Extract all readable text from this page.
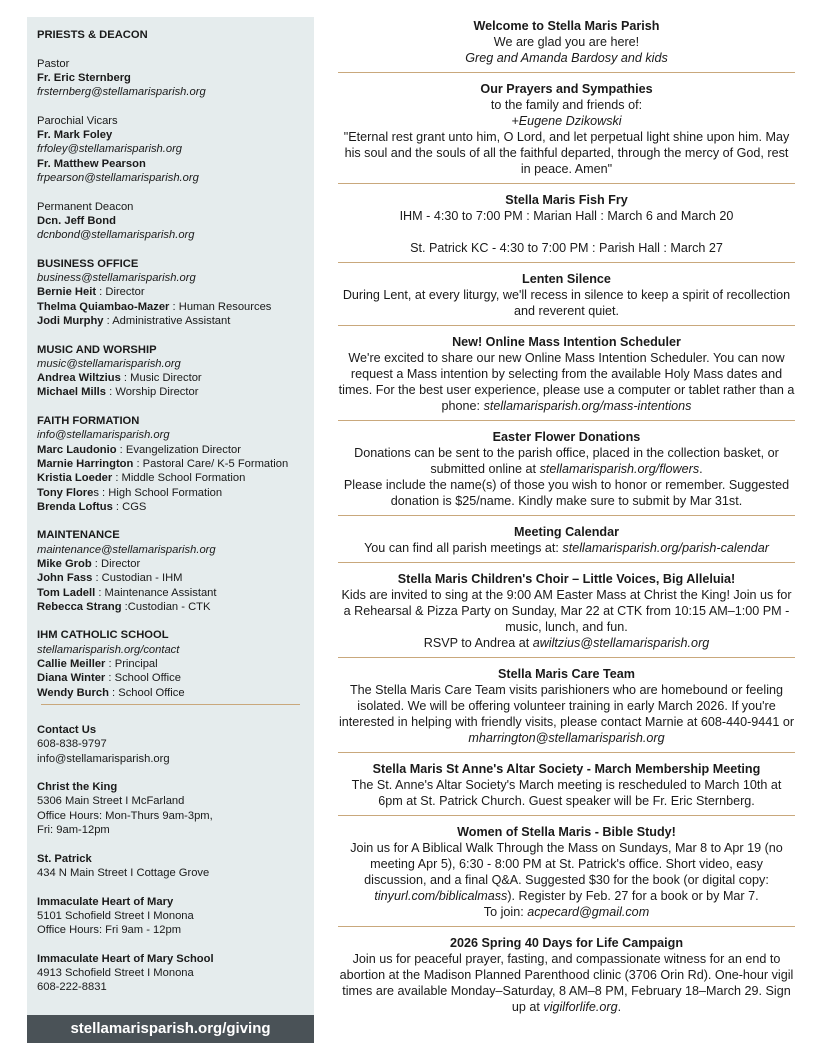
PRIESTS & DEACON
Pastor
Fr. Eric Sternberg
frsternberg@stellamarisparish.org
Parochial Vicars
Fr. Mark Foley
frfoley@stellamarisparish.org
Fr. Matthew Pearson
frpearson@stellamarisparish.org
Permanent Deacon
Dcn. Jeff Bond
dcnbond@stellamarisparish.org
BUSINESS OFFICE
business@stellamarisparish.org
Bernie Heit : Director
Thelma Quiambao-Mazer : Human Resources
Jodi Murphy : Administrative Assistant
MUSIC AND WORSHIP
music@stellamarisparish.org
Andrea Wiltzius : Music Director
Michael Mills : Worship Director
FAITH FORMATION
info@stellamarisparish.org
Marc Laudonio : Evangelization Director
Marnie Harrington : Pastoral Care/ K-5 Formation
Kristia Loeder : Middle School Formation
Tony Flores : High School Formation
Brenda Loftus : CGS
MAINTENANCE
maintenance@stellamarisparish.org
Mike Grob : Director
John Fass : Custodian - IHM
Tom Ladell : Maintenance Assistant
Rebecca Strang :Custodian - CTK
IHM CATHOLIC SCHOOL
stellamarisparish.org/contact
Callie Meiller : Principal
Diana Winter : School Office
Wendy Burch : School Office
Contact Us
608-838-9797
info@stellamarisparish.org
Christ the King
5306 Main Street I McFarland
Office Hours: Mon-Thurs 9am-3pm,
Fri: 9am-12pm
St. Patrick
434 N Main Street I Cottage Grove
Immaculate Heart of Mary
5101 Schofield Street I Monona
Office Hours: Fri 9am - 12pm
Immaculate Heart of Mary School
4913 Schofield Street I Monona
608-222-8831
stellamarisparish.org/giving
Welcome to Stella Maris Parish
We are glad you are here!
Greg and Amanda Bardosy and kids
Our Prayers and Sympathies
to the family and friends of:
+Eugene Dzikowski
"Eternal rest grant unto him, O Lord, and let perpetual light shine upon him. May his soul and the souls of all the faithful departed, through the mercy of God, rest in peace. Amen"
Stella Maris Fish Fry
IHM - 4:30 to 7:00 PM : Marian Hall : March 6 and March 20
St. Patrick KC - 4:30 to 7:00 PM : Parish Hall : March 27
Lenten Silence
During Lent, at every liturgy, we'll recess in silence to keep a spirit of recollection and reverent quiet.
New! Online Mass Intention Scheduler
We're excited to share our new Online Mass Intention Scheduler. You can now request a Mass intention by selecting from the available Holy Mass dates and times. For the best user experience, please use a computer or tablet rather than a phone: stellamarisparish.org/mass-intentions
Easter Flower Donations
Donations can be sent to the parish office, placed in the collection basket, or submitted online at stellamarisparish.org/flowers.
Please include the name(s) of those you wish to honor or remember. Suggested donation is $25/name. Kindly make sure to submit by Mar 31st.
Meeting Calendar
You can find all parish meetings at: stellamarisparish.org/parish-calendar
Stella Maris Children's Choir – Little Voices, Big Alleluia!
Kids are invited to sing at the 9:00 AM Easter Mass at Christ the King! Join us for a Rehearsal & Pizza Party on Sunday, Mar 22 at CTK from 10:15 AM–1:00 PM - music, lunch, and fun.
RSVP to Andrea at awiltzius@stellamarisparish.org
Stella Maris Care Team
The Stella Maris Care Team visits parishioners who are homebound or feeling isolated. We will be offering volunteer training in early March 2026. If you're interested in helping with friendly visits, please contact Marnie at 608-440-9441 or mharrington@stellamarisparish.org
Stella Maris St Anne's Altar Society - March Membership Meeting
The St. Anne's Altar Society's March meeting is rescheduled to March 10th at 6pm at St. Patrick Church. Guest speaker will be Fr. Eric Sternberg.
Women of Stella Maris - Bible Study!
Join us for A Biblical Walk Through the Mass on Sundays, Mar 8 to Apr 19 (no meeting Apr 5), 6:30 - 8:00 PM at St. Patrick's office. Short video, easy discussion, and a final Q&A. Suggested $30 for the book (or digital copy: tinyurl.com/biblicalmass). Register by Feb. 27 for a book or by Mar 7.
To join: acpecard@gmail.com
2026 Spring 40 Days for Life Campaign
Join us for peaceful prayer, fasting, and compassionate witness for an end to abortion at the Madison Planned Parenthood clinic (3706 Orin Rd). One-hour vigil times are available Monday–Saturday, 8 AM–8 PM, February 18–March 29. Sign up at vigilforlife.org.
